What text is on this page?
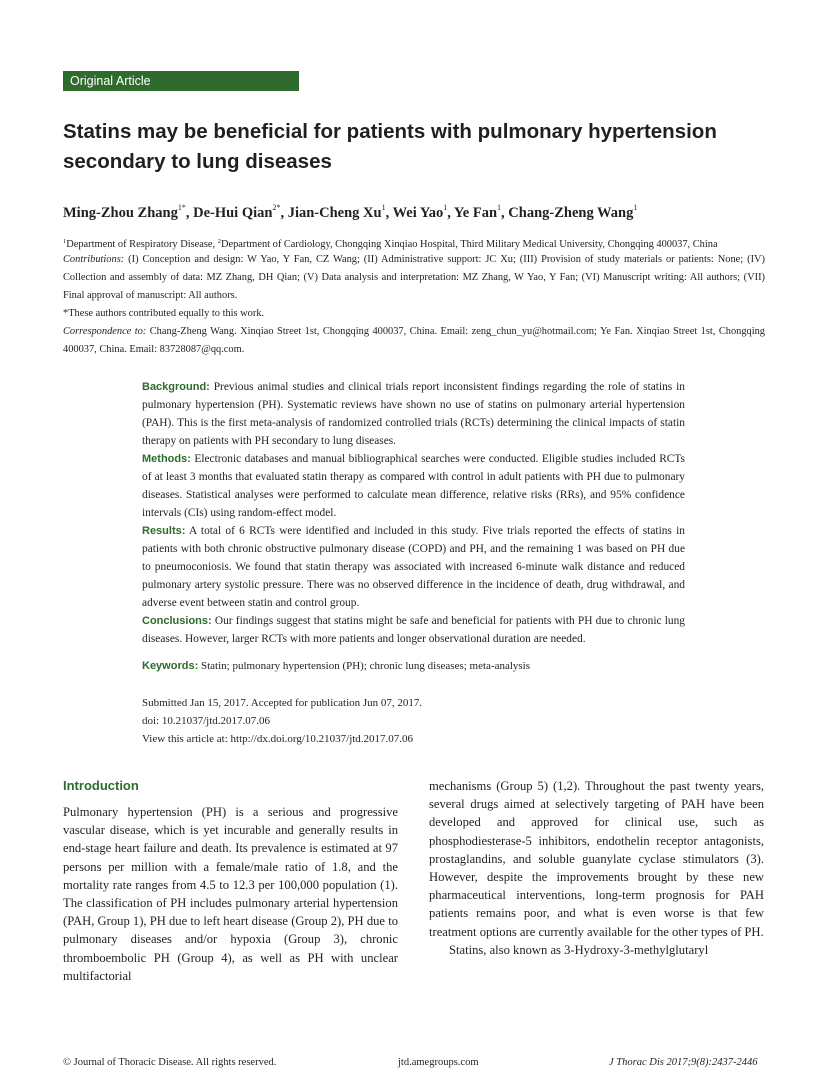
Original Article
Statins may be beneficial for patients with pulmonary hypertension secondary to lung diseases
Ming-Zhou Zhang$^{1*}$, De-Hui Qian$^{2*}$, Jian-Cheng Xu$^1$, Wei Yao$^1$, Ye Fan$^1$, Chang-Zheng Wang$^1$
$^1$Department of Respiratory Disease, $^2$Department of Cardiology, Chongqing Xinqiao Hospital, Third Military Medical University, Chongqing 400037, China
Contributions: (I) Conception and design: W Yao, Y Fan, CZ Wang; (II) Administrative support: JC Xu; (III) Provision of study materials or patients: None; (IV) Collection and assembly of data: MZ Zhang, DH Qian; (V) Data analysis and interpretation: MZ Zhang, W Yao, Y Fan; (VI) Manuscript writing: All authors; (VII) Final approval of manuscript: All authors.
*These authors contributed equally to this work.
Correspondence to: Chang-Zheng Wang. Xinqiao Street 1st, Chongqing 400037, China. Email: zeng_chun_yu@hotmail.com; Ye Fan. Xinqiao Street 1st, Chongqing 400037, China. Email: 83728087@qq.com.

Background: Previous animal studies and clinical trials report inconsistent findings regarding the role of statins in pulmonary hypertension (PH). Systematic reviews have shown no use of statins on pulmonary arterial hypertension (PAH). This is the first meta-analysis of randomized controlled trials (RCTs) determining the clinical impacts of statin therapy on patients with PH secondary to lung diseases.

Methods: Electronic databases and manual bibliographical searches were conducted. Eligible studies included RCTs of at least 3 months that evaluated statin therapy as compared with control in adult patients with PH due to pulmonary diseases. Statistical analyses were performed to calculate mean difference, relative risks (RRs), and 95% confidence intervals (CIs) using random-effect model.

Results: A total of 6 RCTs were identified and included in this study. Five trials reported the effects of statins in patients with both chronic obstructive pulmonary disease (COPD) and PH, and the remaining 1 was based on PH due to pneumoconiosis. We found that statin therapy was associated with increased 6-minute walk distance and reduced pulmonary artery systolic pressure. There was no observed difference in the incidence of death, drug withdrawal, and adverse event between statin and control group.

Conclusions: Our findings suggest that statins might be safe and beneficial for patients with PH due to chronic lung diseases. However, larger RCTs with more patients and longer observational duration are needed.

Keywords: Statin; pulmonary hypertension (PH); chronic lung diseases; meta-analysis
Submitted Jan 15, 2017. Accepted for publication Jun 07, 2017.
doi: 10.21037/jtd.2017.07.06
View this article at: http://dx.doi.org/10.21037/jtd.2017.07.06
Introduction

Pulmonary hypertension (PH) is a serious and progressive vascular disease, which is yet incurable and generally results in end-stage heart failure and death. Its prevalence is estimated at 97 persons per million with a female/male ratio of 1.8, and the mortality rate ranges from 4.5 to 12.3 per 100,000 population (1). The classification of PH includes pulmonary arterial hypertension (PAH, Group 1), PH due to left heart disease (Group 2), PH due to pulmonary diseases and/or hypoxia (Group 3), chronic thromboembolic PH (Group 4), as well as PH with unclear multifactorial

mechanisms (Group 5) (1,2). Throughout the past twenty years, several drugs aimed at selectively targeting of PAH have been developed and approved for clinical use, such as phosphodiesterase-5 inhibitors, endothelin receptor antagonists, prostaglandins, and soluble guanylate cyclase stimulators (3). However, despite the improvements brought by these new pharmaceutical interventions, long-term prognosis for PAH patients remains poor, and what is even worse is that few treatment options are currently available for the other types of PH.

Statins, also known as 3-Hydroxy-3-methylglutaryl

© Journal of Thoracic Disease. All rights reserved.	jtd.amegroups.com	J Thorac Dis 2017;9(8):2437-2446
